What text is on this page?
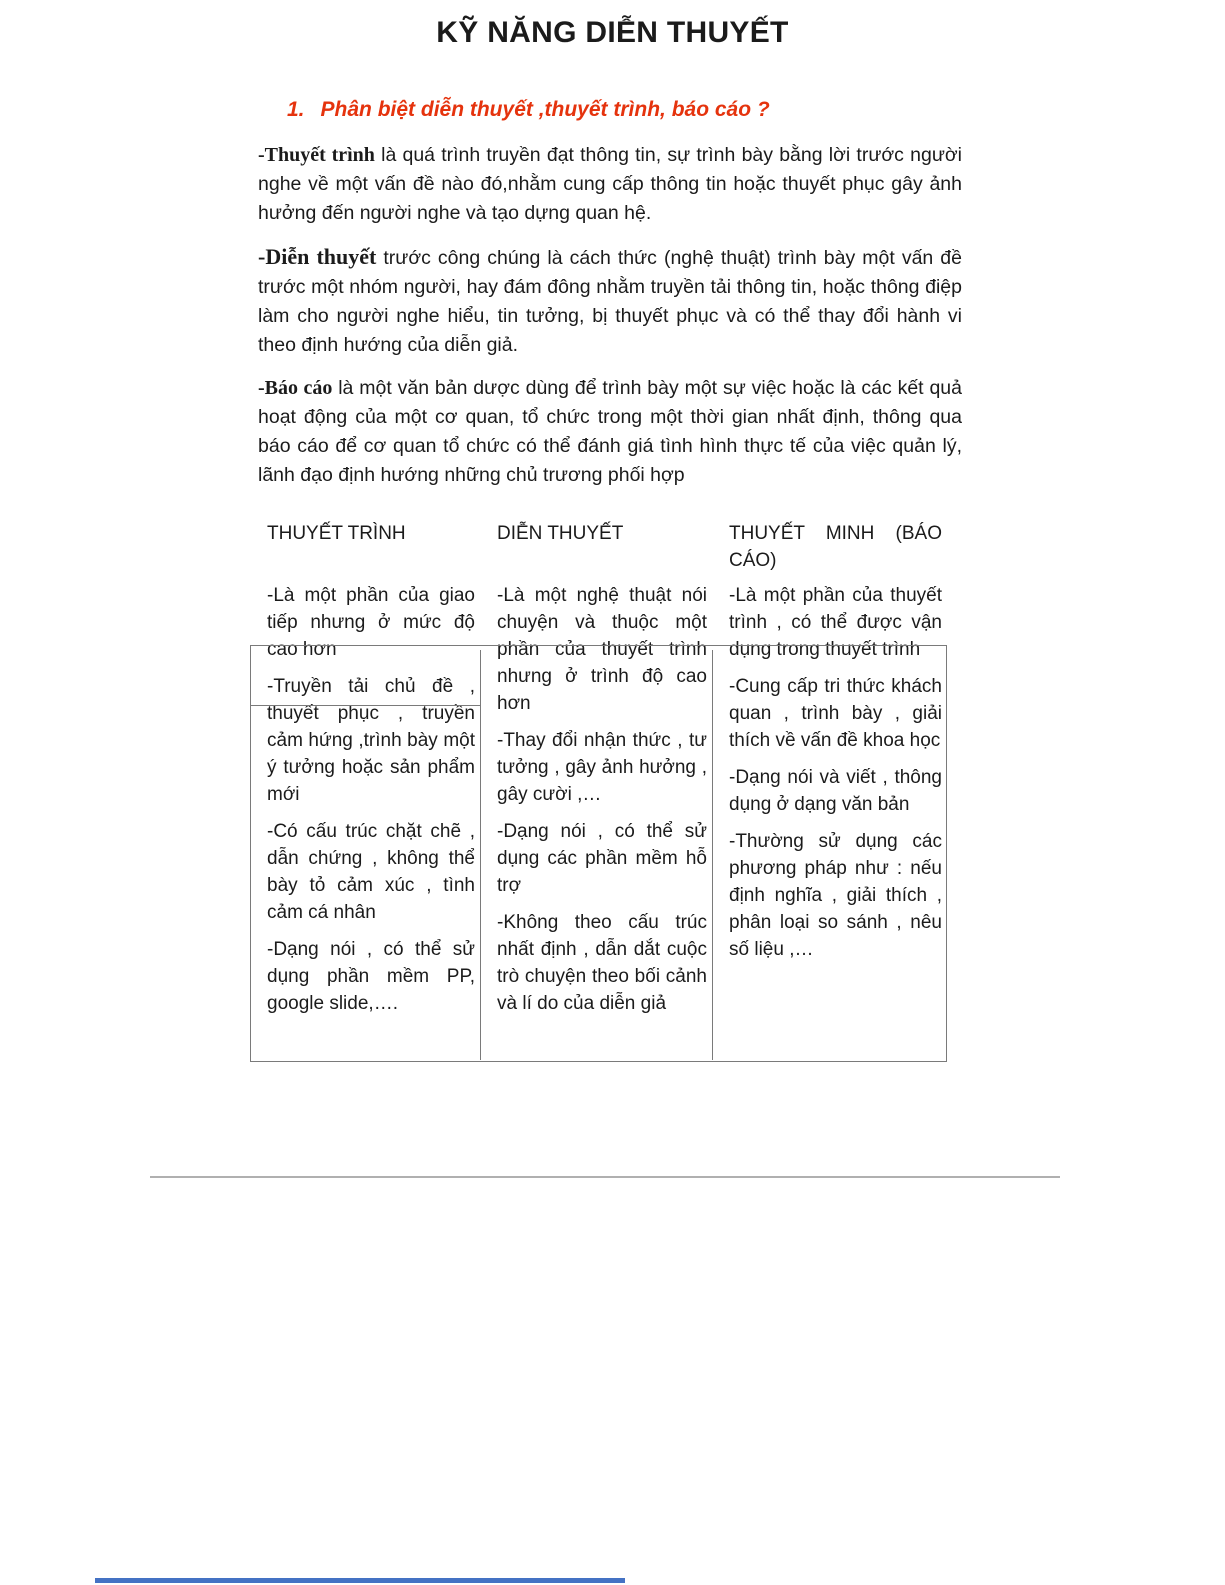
KỸ NĂNG DIỄN THUYẾT
1. Phân biệt diễn thuyết ,thuyết trình, báo cáo ?

-Thuyết trình là quá trình truyền đạt thông tin, sự trình bày bằng lời trước người nghe về một vấn đề nào đó,nhằm cung cấp thông tin hoặc thuyết phục gây ảnh hưởng đến người nghe và tạo dựng quan hệ.

-Diễn thuyết trước công chúng là cách thức (nghệ thuật) trình bày một vấn đề trước một nhóm người, hay đám đông nhằm truyền tải thông tin, hoặc thông điệp làm cho người nghe hiểu, tin tưởng, bị thuyết phục và có thể thay đổi hành vi theo định hướng của diễn giả.

-Báo cáo là một văn bản dược dùng để trình bày một sự việc hoặc là các kết quả hoạt động của một cơ quan, tổ chức trong một thời gian nhất định, thông qua báo cáo để cơ quan tổ chức có thể đánh giá tình hình thực tế của việc quản lý, lãnh đạo định hướng những chủ trương phối hợp

THUYẾT TRÌNH

-Là một phần của giao tiếp nhưng ở mức độ cao hơn

-Truyền tải chủ đề , thuyết phục , truyền cảm hứng ,trình bày một ý tưởng hoặc sản phẩm mới

-Có cấu trúc chặt chẽ , dẫn chứng , không thể bày tỏ cảm xúc , tình cảm cá nhân

-Dạng nói , có thể sử dụng phần mềm PP, google slide,….

DIỄN THUYẾT

-Là một nghệ thuật nói chuyện và thuộc một phần của thuyết trình nhưng ở trình độ cao hơn

-Thay đổi nhận thức , tư tưởng , gây ảnh hưởng , gây cười ,…

-Dạng nói , có thể sử dụng các phần mềm hỗ trợ

-Không theo cấu trúc nhất định , dẫn dắt cuộc trò chuyện theo bối cảnh và lí do của diễn giả

THUYẾT MINH (BÁO CÁO)

-Là một phần của thuyết trình , có thể được vận dụng trong thuyết trình

-Cung cấp tri thức khách quan , trình bày , giải thích về vấn đề khoa học

-Dạng nói và viết , thông dụng ở dạng văn bản

-Thường sử dụng các phương pháp như : nếu định nghĩa , giải thích , phân loại so sánh , nêu số liệu ,…
